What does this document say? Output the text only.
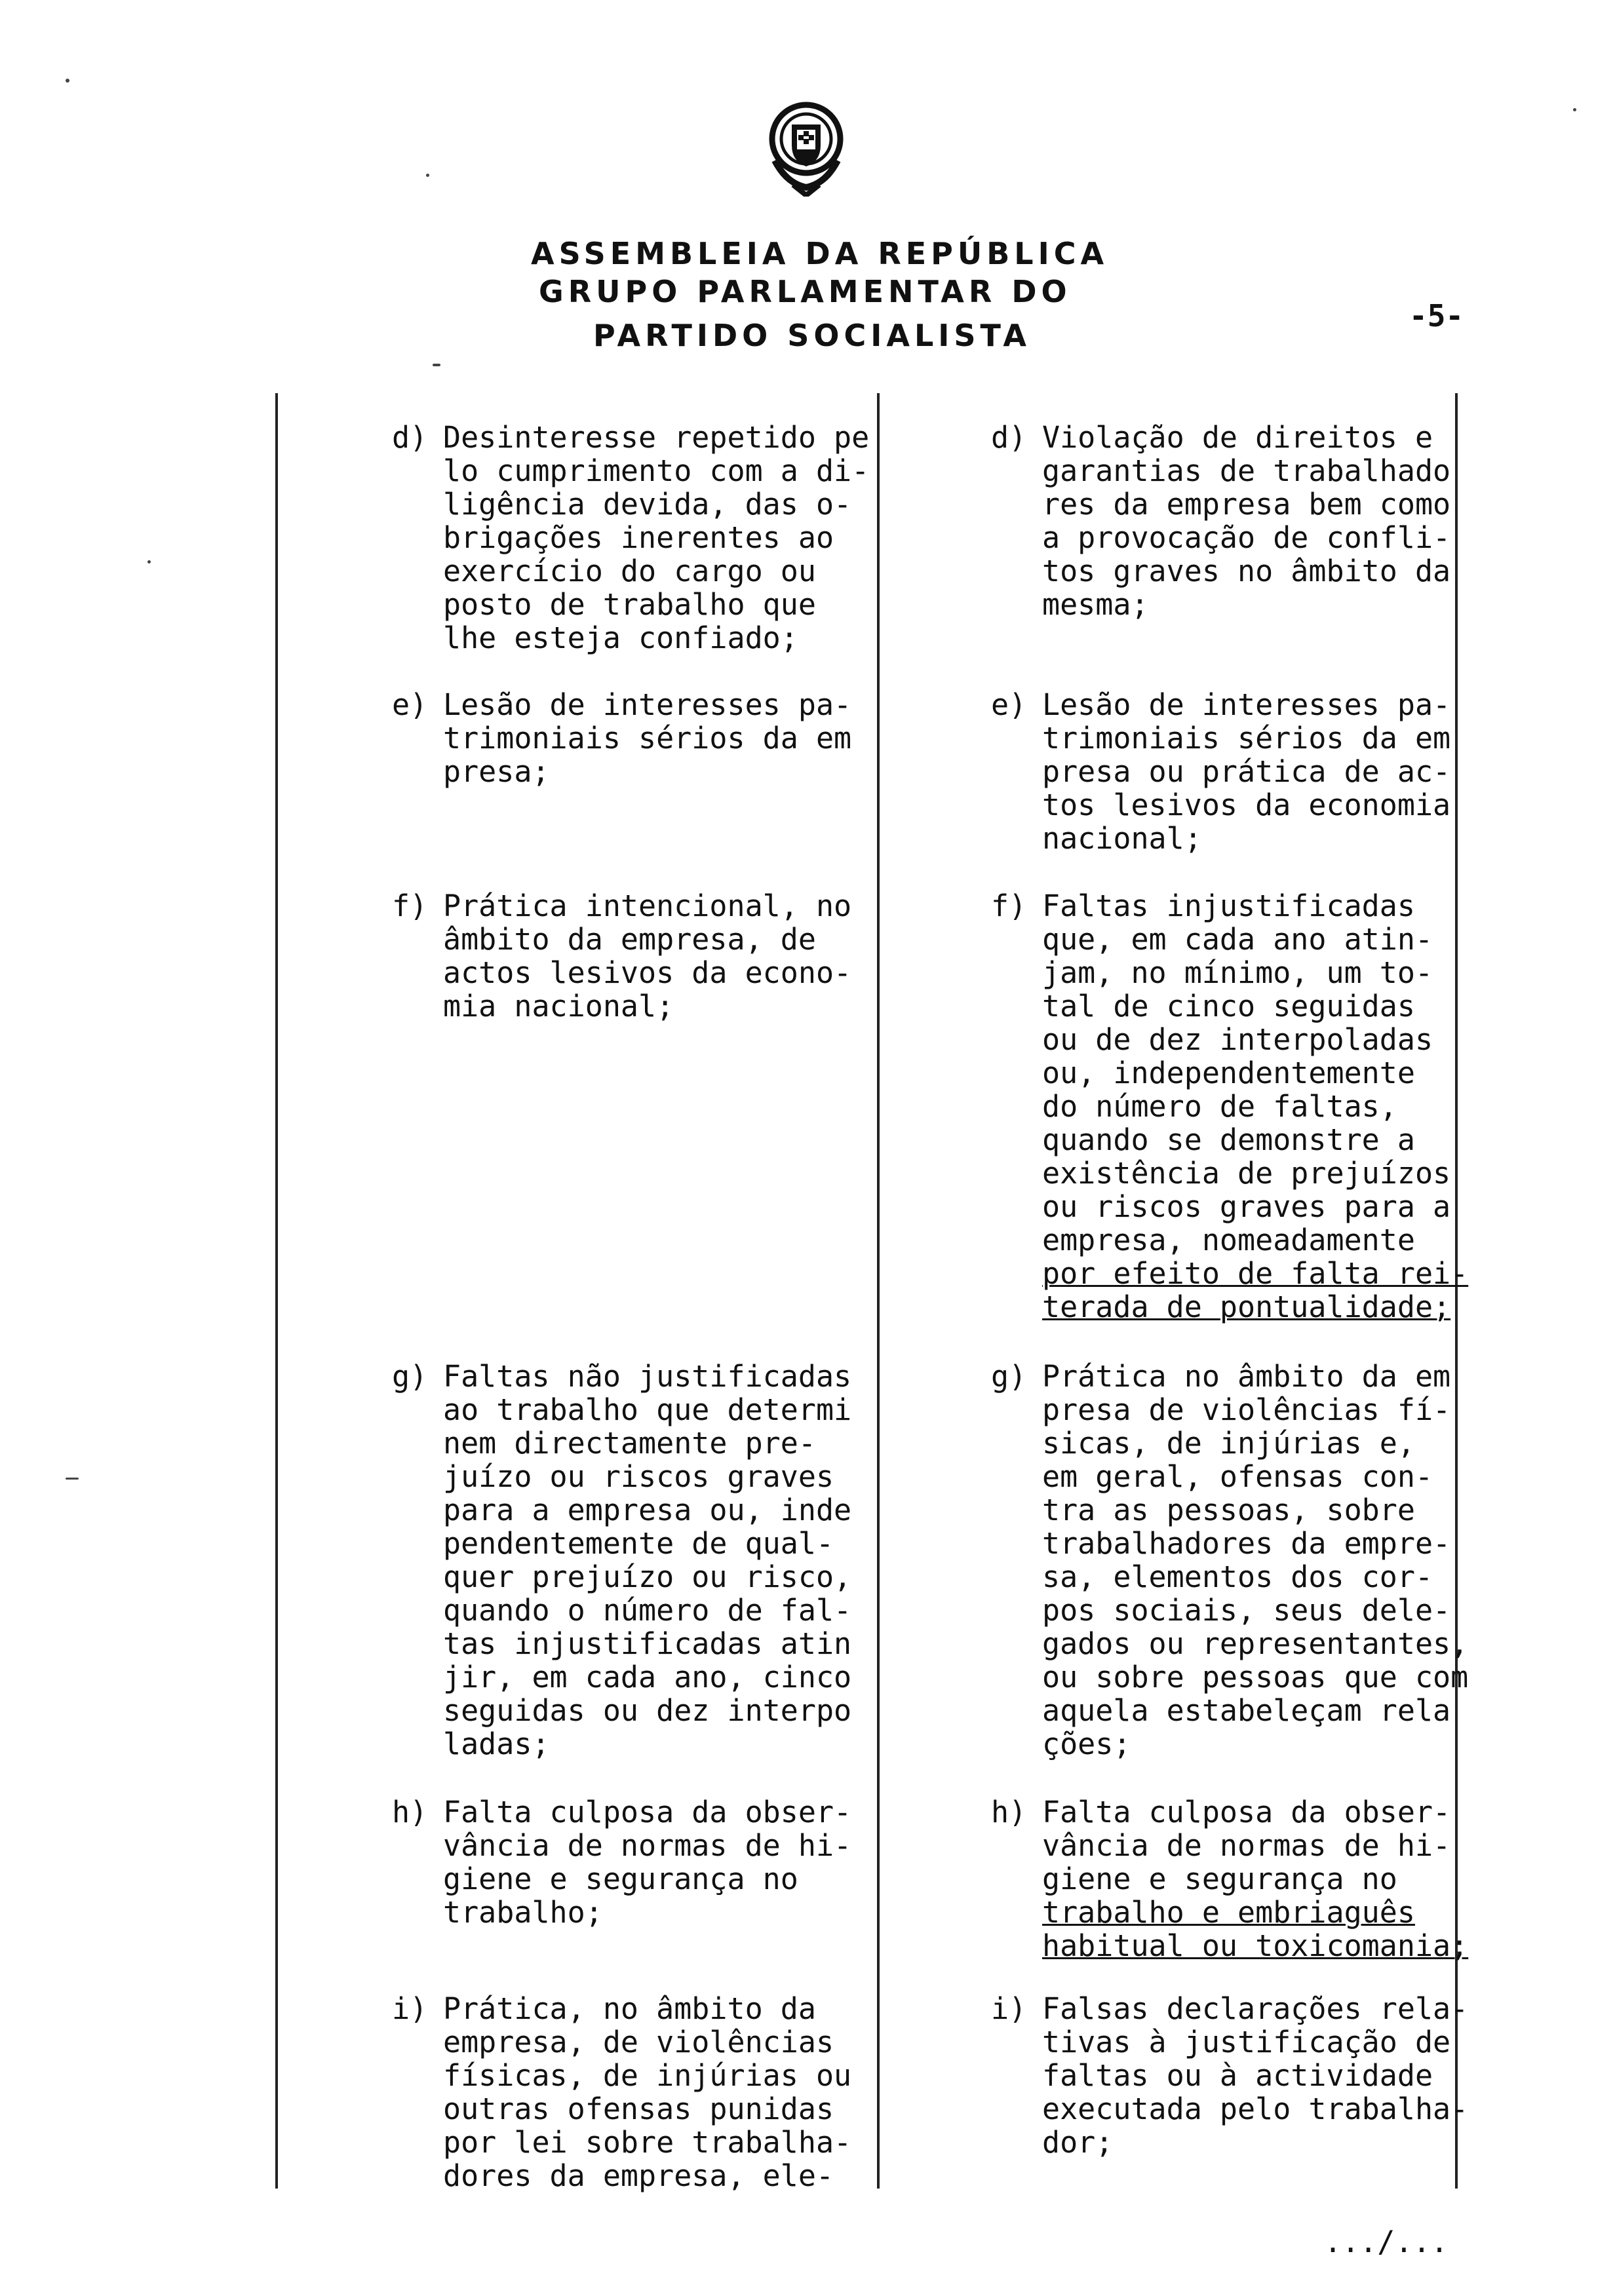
ASSEMBLEIA DA REPÚBLICA
GRUPO PARLAMENTAR DO
PARTIDO SOCIALISTA
-5-
d) Desinteresse repetido pe
lo cumprimento com a di-
ligência devida, das o-
brigações inerentes ao
exercício do cargo ou
posto de trabalho que
lhe esteja confiado;
e) Lesão de interesses pa-
trimoniais sérios da em
presa;
f) Prática intencional, no
âmbito da empresa, de
actos lesivos da econo-
mia nacional;
g) Faltas não justificadas
ao trabalho que determi
nem directamente pre-
juízo ou riscos graves
para a empresa ou, inde
pendentemente de qual-
quer prejuízo ou risco,
quando o número de fal-
tas injustificadas atin
jir, em cada ano, cinco
seguidas ou dez interpo
ladas;
h) Falta culposa da obser-
vância de normas de hi-
giene e segurança no
trabalho;
i) Prática, no âmbito da
empresa, de violências
físicas, de injúrias ou
outras ofensas punidas
por lei sobre trabalha-
dores da empresa, ele-
d) Violação de direitos e
garantias de trabalhado
res da empresa bem como
a provocação de confli-
tos graves no âmbito da
mesma;
e) Lesão de interesses pa-
trimoniais sérios da em
presa ou prática de ac-
tos lesivos da economia
nacional;
f) Faltas injustificadas
que, em cada ano atin-
jam, no mínimo, um to-
tal de cinco seguidas
ou de dez interpoladas
ou, independentemente
do número de faltas,
quando se demonstre a
existência de prejuízos
ou riscos graves para a
empresa, nomeadamente
por efeito de falta rei-
terada de pontualidade;
g) Prática no âmbito da em
presa de violências fí-
sicas, de injúrias e,
em geral, ofensas con-
tra as pessoas, sobre
trabalhadores da empre-
sa, elementos dos cor-
pos sociais, seus dele-
gados ou representantes,
ou sobre pessoas que com
aquela estabeleçam rela
ções;
h) Falta culposa da obser-
vância de normas de hi-
giene e segurança no
trabalho e embriaguês
habitual ou toxicomania;
i) Falsas declarações rela-
tivas à justificação de
faltas ou à actividade
executada pelo trabalha-
dor;
.../...
